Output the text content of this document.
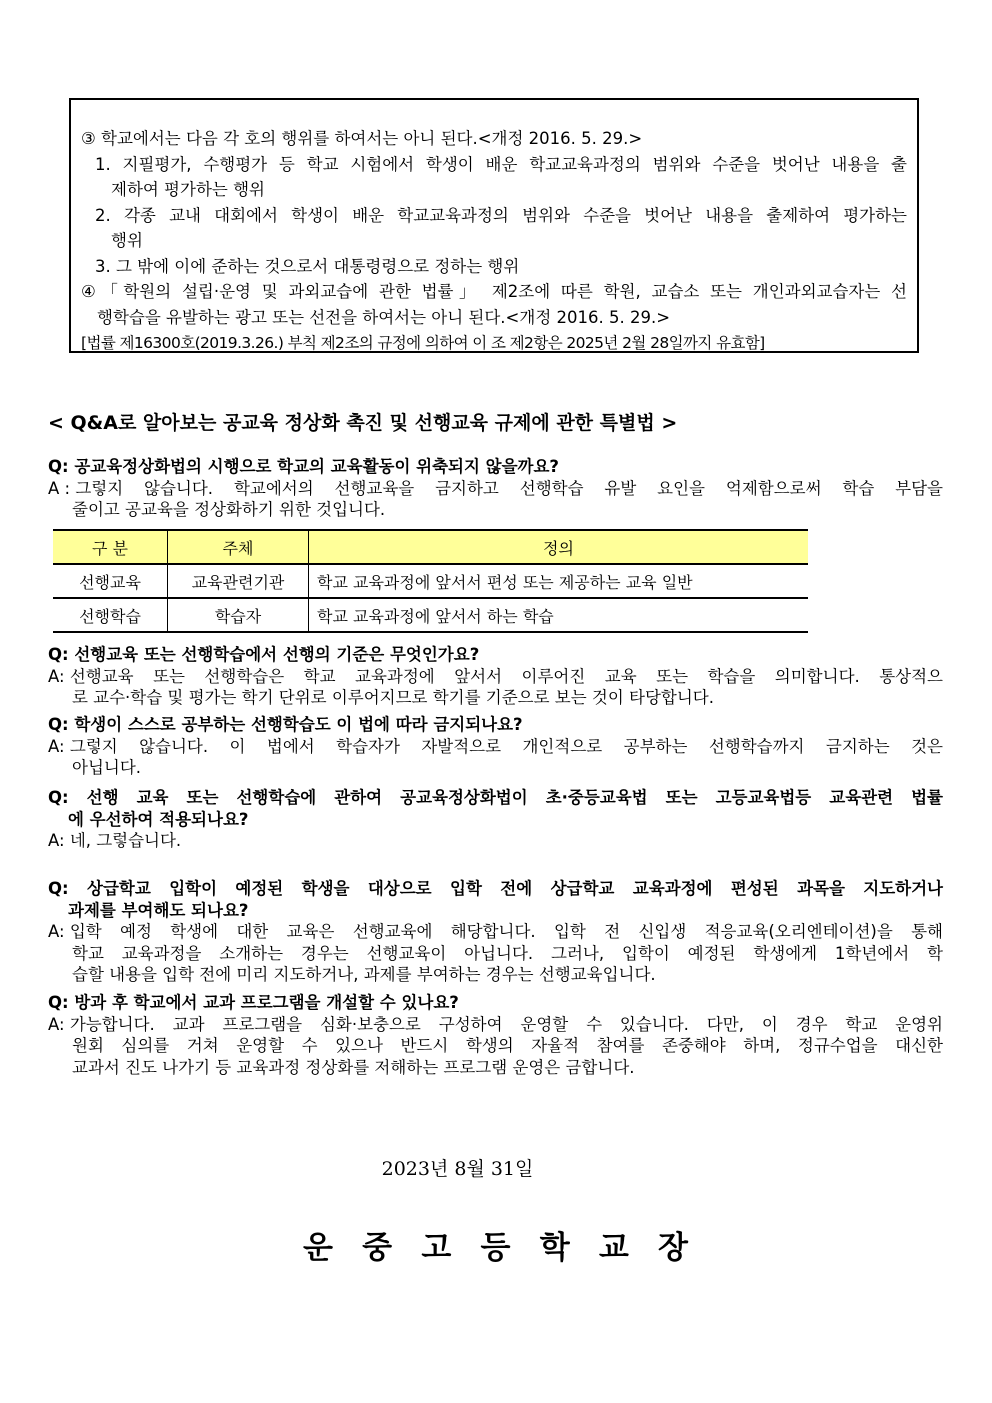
③ 학교에서는 다음 각 호의 행위를 하여서는 아니 된다.<개정 2016. 5. 29.>
1. 지필평가, 수행평가 등 학교 시험에서 학생이 배운 학교교육과정의 범위와 수준을 벗어난 내용을 출
제하여 평가하는 행위
2. 각종 교내 대회에서 학생이 배운 학교교육과정의 범위와 수준을 벗어난 내용을 출제하여 평가하는
행위
3. 그 밖에 이에 준하는 것으로서 대통령령으로 정하는 행위
④「학원의 설립·운영 및 과외교습에 관한 법률」 제2조에 따른 학원, 교습소 또는 개인과외교습자는 선
행학습을 유발하는 광고 또는 선전을 하여서는 아니 된다.<개정 2016. 5. 29.>
[법률 제16300호(2019.3.26.) 부칙 제2조의 규정에 의하여 이 조 제2항은 2025년 2월 28일까지 유효함]
< Q&A로 알아보는 공교육 정상화 촉진 및 선행교육 규제에 관한 특별법 >
Q: 공교육정상화법의 시행으로 학교의 교육활동이 위축되지 않을까요?
A : 그렇지 않습니다. 학교에서의 선행교육을 금지하고 선행학습 유발 요인을 억제함으로써 학습 부담을
줄이고 공교육을 정상화하기 위한 것입니다.
구 분	주체	정의
선행교육	교육관련기관	학교 교육과정에 앞서서 편성 또는 제공하는 교육 일반
선행학습	학습자	학교 교육과정에 앞서서 하는 학습
Q: 선행교육 또는 선행학습에서 선행의 기준은 무엇인가요?
A: 선행교육 또는 선행학습은 학교 교육과정에 앞서서 이루어진 교육 또는 학습을 의미합니다. 통상적으
로 교수·학습 및 평가는 학기 단위로 이루어지므로 학기를 기준으로 보는 것이 타당합니다.
Q: 학생이 스스로 공부하는 선행학습도 이 법에 따라 금지되나요?
A: 그렇지 않습니다. 이 법에서 학습자가 자발적으로 개인적으로 공부하는 선행학습까지 금지하는 것은
아닙니다.
Q: 선행 교육 또는 선행학습에 관하여 공교육정상화법이 초·중등교육법 또는 고등교육법등 교육관련 법률
에 우선하여 적용되나요?
A: 네, 그렇습니다.
Q: 상급학교 입학이 예정된 학생을 대상으로 입학 전에 상급학교 교육과정에 편성된 과목을 지도하거나
과제를 부여해도 되나요?
A: 입학 예정 학생에 대한 교육은 선행교육에 해당합니다. 입학 전 신입생 적응교육(오리엔테이션)을 통해
학교 교육과정을 소개하는 경우는 선행교육이 아닙니다. 그러나, 입학이 예정된 학생에게 1학년에서 학
습할 내용을 입학 전에 미리 지도하거나, 과제를 부여하는 경우는 선행교육입니다.
Q: 방과 후 학교에서 교과 프로그램을 개설할 수 있나요?
A: 가능합니다. 교과 프로그램을 심화·보충으로 구성하여 운영할 수 있습니다. 다만, 이 경우 학교 운영위
원회 심의를 거쳐 운영할 수 있으나 반드시 학생의 자율적 참여를 존중해야 하며, 정규수업을 대신한
교과서 진도 나가기 등 교육과정 정상화를 저해하는 프로그램 운영은 금합니다.
2023년 8월 31일
운 중 고 등 학 교 장
